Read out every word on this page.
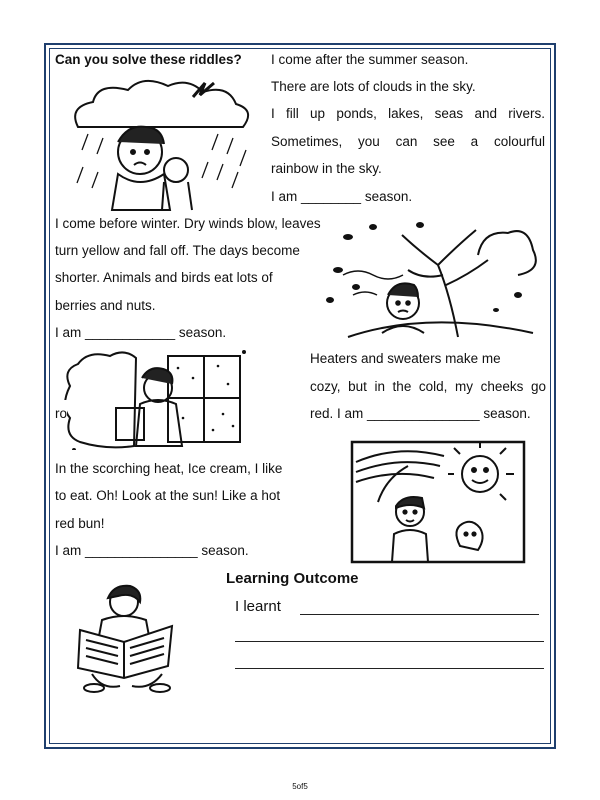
Can you solve these riddles? I come after the summer season.
There are lots of clouds in the sky.
I fill up ponds, lakes, seas and rivers.
Sometimes, you can see a colourful
rainbow in the sky.
I am ________ season.
I come before winter. Dry winds blow, leaves
turn yellow and fall off. The days become
shorter. Animals and birds eat lots of
berries and nuts.
I am ____________ season.
Heaters and sweaters make me
cozy, but in the cold, my cheeks go
red. I am _______________ season.
ro
In the scorching heat, Ice cream, I like
to eat. Oh! Look at the sun! Like a hot
red bun!
I am _______________ season.
Learning Outcome
I learnt
5of5
